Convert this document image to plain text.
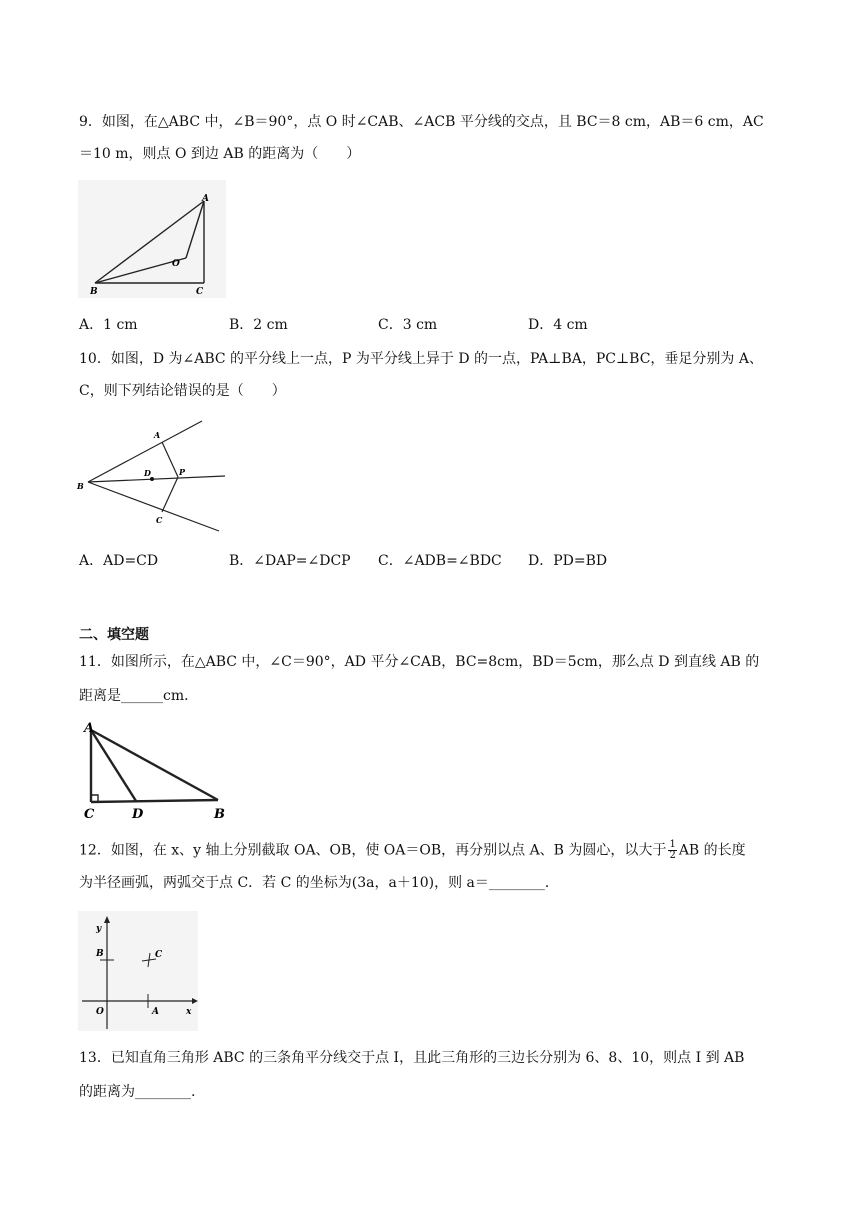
9．如图，在△ABC 中，∠B＝90°，点 O 时∠CAB、∠ACB 平分线的交点，且 BC＝8 cm，AB＝6 cm，AC
＝10 m，则点 O 到边 AB 的距离为（　　）
A
O
B	C
A．1 cm	B．2 cm	C．3 cm	D．4 cm
10．如图，D 为∠ABC 的平分线上一点，P 为平分线上异于 D 的一点，PA⊥BA，PC⊥BC，垂足分别为 A、
C，则下列结论错误的是（　　）
A
D	P
B
C
A．AD=CD	B．∠DAP=∠DCP C．∠ADB=∠BDC D．PD=BD
二、填空题
11．如图所示，在△ABC 中，∠C＝90°，AD 平分∠CAB，BC=8cm，BD＝5cm，那么点 D 到直线 AB 的
距离是______cm．
A
C	D	B
12．如图，在 x、y 轴上分别截取 OA、OB，使 OA＝OB，再分别以点 A、B 为圆心，以大于 $\frac{1}{2}$ AB 的长度
为半径画弧，两弧交于点 C．若 C 的坐标为(3a，a＋10)，则 a＝________．
y
B	C
O	A	x
13．已知直角三角形 ABC 的三条角平分线交于点 I，且此三角形的三边长分别为 6、8、10，则点 I 到 AB
的距离为________.
